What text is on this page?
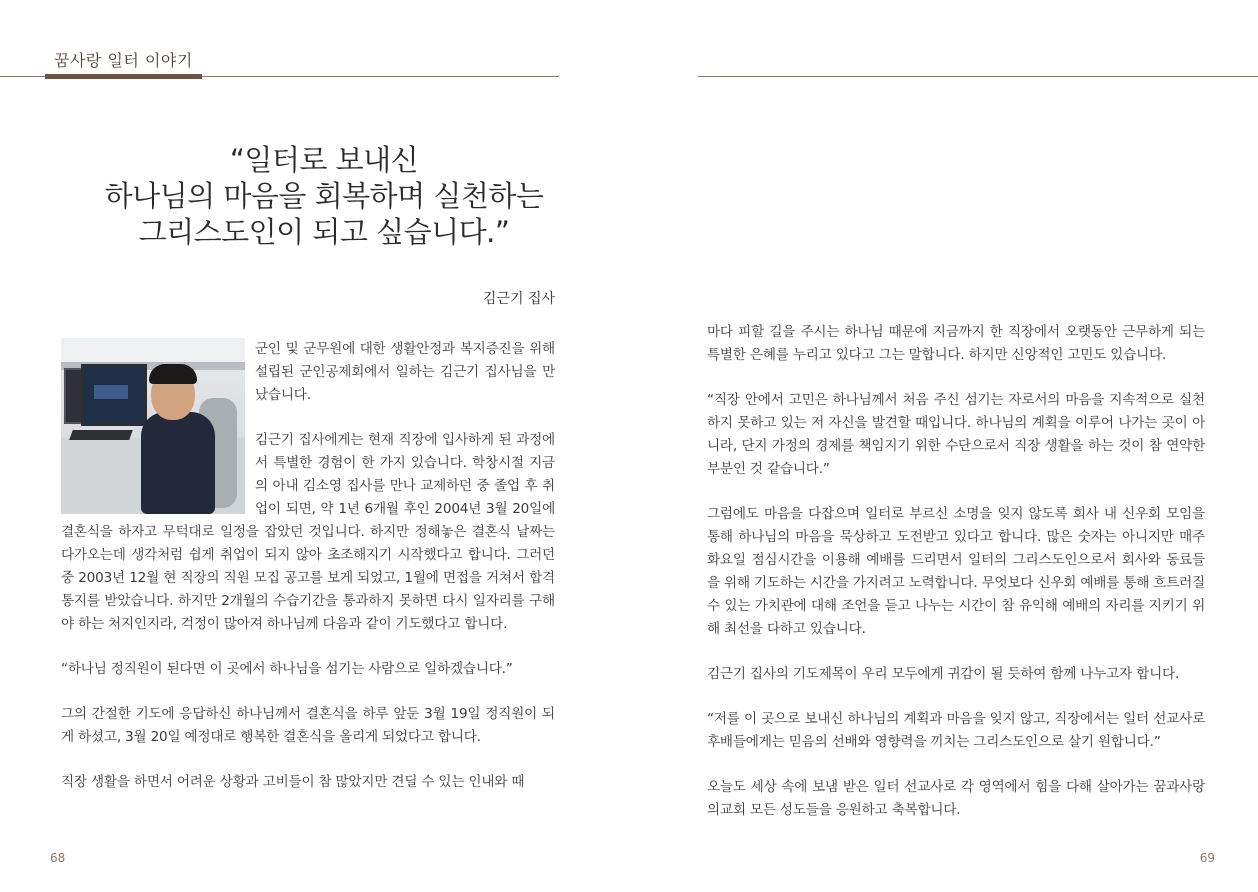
꿈사랑 일터 이야기
“일터로 보내신
하나님의 마음을 회복하며 실천하는
그리스도인이 되고 싶습니다.”
김근기 집사

군인 및 군무원에 대한 생활안정과 복지증진을 위해 설립된 군인공제회에서 일하는 김근기 집사님을 만났습니다.

김근기 집사에게는 현재 직장에 입사하게 된 과정에서 특별한 경험이 한 가지 있습니다. 학창시절 지금의 아내 김소영 집사를 만나 교제하던 중 졸업 후 취업이 되면, 약 1년 6개월 후인 2004년 3월 20일에 결혼식을 하자고 무턱대로 일정을 잡았던 것입니다. 하지만 정해놓은 결혼식 날짜는 다가오는데 생각처럼 쉽게 취업이 되지 않아 초조해지기 시작했다고 합니다. 그러던 중 2003년 12월 현 직장의 직원 모집 공고를 보게 되었고, 1월에 면접을 거쳐서 합격통지를 받았습니다. 하지만 2개월의 수습기간을 통과하지 못하면 다시 일자리를 구해야 하는 처지인지라, 걱정이 많아져 하나님께 다음과 같이 기도했다고 합니다.

“하나님 정직원이 된다면 이 곳에서 하나님을 섬기는 사람으로 일하겠습니다.”

그의 간절한 기도에 응답하신 하나님께서 결혼식을 하루 앞둔 3월 19일 정직원이 되게 하셨고, 3월 20일 예정대로 행복한 결혼식을 올리게 되었다고 합니다.

직장 생활을 하면서 어려운 상황과 고비들이 참 많았지만 견딜 수 있는 인내와 때

68

마다 피할 길을 주시는 하나님 때문에 지금까지 한 직장에서 오랫동안 근무하게 되는 특별한 은혜를 누리고 있다고 그는 말합니다. 하지만 신앙적인 고민도 있습니다.

“직장 안에서 고민은 하나님께서 처음 주신 섬기는 자로서의 마음을 지속적으로 실천하지 못하고 있는 저 자신을 발견할 때입니다. 하나님의 계획을 이루어 나가는 곳이 아니라, 단지 가정의 경제를 책임지기 위한 수단으로서 직장 생활을 하는 것이 참 연약한 부분인 것 같습니다.”

그럼에도 마음을 다잡으며 일터로 부르신 소명을 잊지 않도록 회사 내 신우회 모임을 통해 하나님의 마음을 묵상하고 도전받고 있다고 합니다. 많은 숫자는 아니지만 매주 화요일 점심시간을 이용해 예배를 드리면서 일터의 그리스도인으로서 회사와 동료들을 위해 기도하는 시간을 가지려고 노력합니다. 무엇보다 신우회 예배를 통해 흐트러질 수 있는 가치관에 대해 조언을 듣고 나누는 시간이 참 유익해 예배의 자리를 지키기 위해 최선을 다하고 있습니다.

김근기 집사의 기도제목이 우리 모두에게 귀감이 될 듯하여 함께 나누고자 합니다.

“저를 이 곳으로 보내신 하나님의 계획과 마음을 잊지 않고, 직장에서는 일터 선교사로 후배들에게는 믿음의 선배와 영향력을 끼치는 그리스도인으로 살기 원합니다.”

오늘도 세상 속에 보냄 받은 일터 선교사로 각 영역에서 힘을 다해 살아가는 꿈과사랑의교회 모든 성도들을 응원하고 축복합니다.

69
